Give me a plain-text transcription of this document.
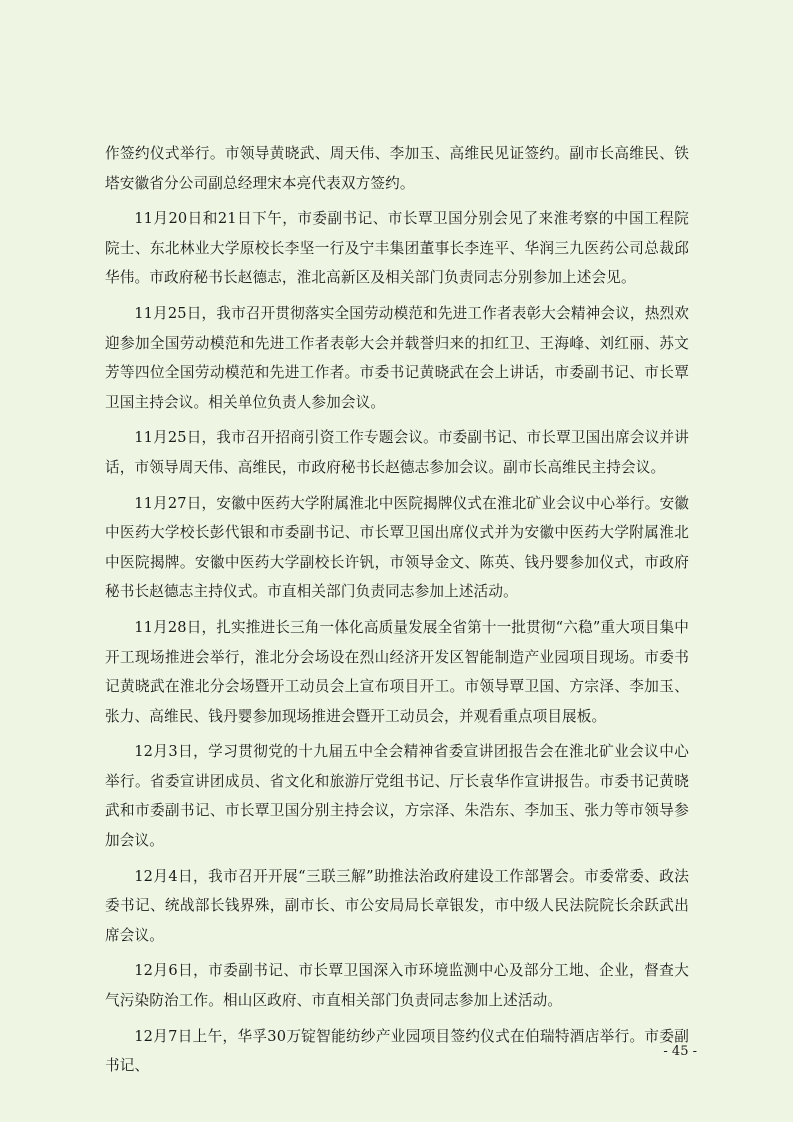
作签约仪式举行。市领导黄晓武、周天伟、李加玉、高维民见证签约。副市长高维民、铁塔安徽省分公司副总经理宋本亮代表双方签约。

11月20日和21日下午，市委副书记、市长覃卫国分别会见了来淮考察的中国工程院院士、东北林业大学原校长李坚一行及宁丰集团董事长李连平、华润三九医药公司总裁邱华伟。市政府秘书长赵德志，淮北高新区及相关部门负责同志分别参加上述会见。

11月25日，我市召开贯彻落实全国劳动模范和先进工作者表彰大会精神会议，热烈欢迎参加全国劳动模范和先进工作者表彰大会并载誉归来的扣红卫、王海峰、刘红丽、苏文芳等四位全国劳动模范和先进工作者。市委书记黄晓武在会上讲话，市委副书记、市长覃卫国主持会议。相关单位负责人参加会议。

11月25日，我市召开招商引资工作专题会议。市委副书记、市长覃卫国出席会议并讲话，市领导周天伟、高维民，市政府秘书长赵德志参加会议。副市长高维民主持会议。

11月27日，安徽中医药大学附属淮北中医院揭牌仪式在淮北矿业会议中心举行。安徽中医药大学校长彭代银和市委副书记、市长覃卫国出席仪式并为安徽中医药大学附属淮北中医院揭牌。安徽中医药大学副校长许钒，市领导金文、陈英、钱丹婴参加仪式，市政府秘书长赵德志主持仪式。市直相关部门负责同志参加上述活动。

11月28日，扎实推进长三角一体化高质量发展全省第十一批贯彻“六稳”重大项目集中开工现场推进会举行，淮北分会场设在烈山经济开发区智能制造产业园项目现场。市委书记黄晓武在淮北分会场暨开工动员会上宣布项目开工。市领导覃卫国、方宗泽、李加玉、张力、高维民、钱丹婴参加现场推进会暨开工动员会，并观看重点项目展板。

12月3日，学习贯彻党的十九届五中全会精神省委宣讲团报告会在淮北矿业会议中心举行。省委宣讲团成员、省文化和旅游厅党组书记、厅长袁华作宣讲报告。市委书记黄晓武和市委副书记、市长覃卫国分别主持会议，方宗泽、朱浩东、李加玉、张力等市领导参加会议。

12月4日，我市召开开展“三联三解”助推法治政府建设工作部署会。市委常委、政法委书记、统战部长钱界殊，副市长、市公安局局长章银发，市中级人民法院院长余跃武出席会议。

12月6日，市委副书记、市长覃卫国深入市环境监测中心及部分工地、企业，督查大气污染防治工作。相山区政府、市直相关部门负责同志参加上述活动。

12月7日上午，华孚30万锭智能纺纱产业园项目签约仪式在伯瑞特酒店举行。市委副书记、

- 45 -
